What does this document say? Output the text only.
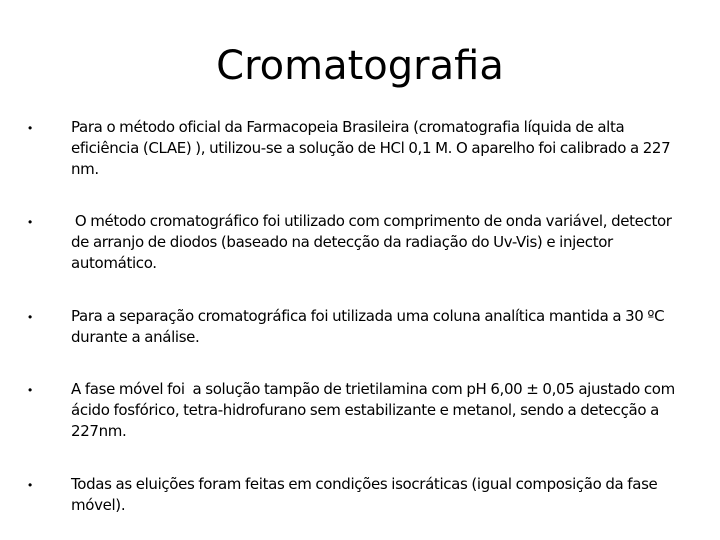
Cromatografia
•	Para o método oficial da Farmacopeia Brasileira (cromatografia líquida de alta eficiência (CLAE) ), utilizou-se a solução de HCl 0,1 M. O aparelho foi calibrado a 227 nm.
•	O método cromatográfico foi utilizado com comprimento de onda variável, detector de arranjo de diodos (baseado na detecção da radiação do Uv-Vis) e injector automático.
•	Para a separação cromatográfica foi utilizada uma coluna analítica mantida a 30 ºC durante a análise.
•	A fase móvel foi  a solução tampão de trietilamina com pH 6,00 ± 0,05 ajustado com ácido fosfórico, tetra-hidrofurano sem estabilizante e metanol, sendo a detecção a 227nm.
•	Todas as eluições foram feitas em condições isocráticas (igual composição da fase móvel).
